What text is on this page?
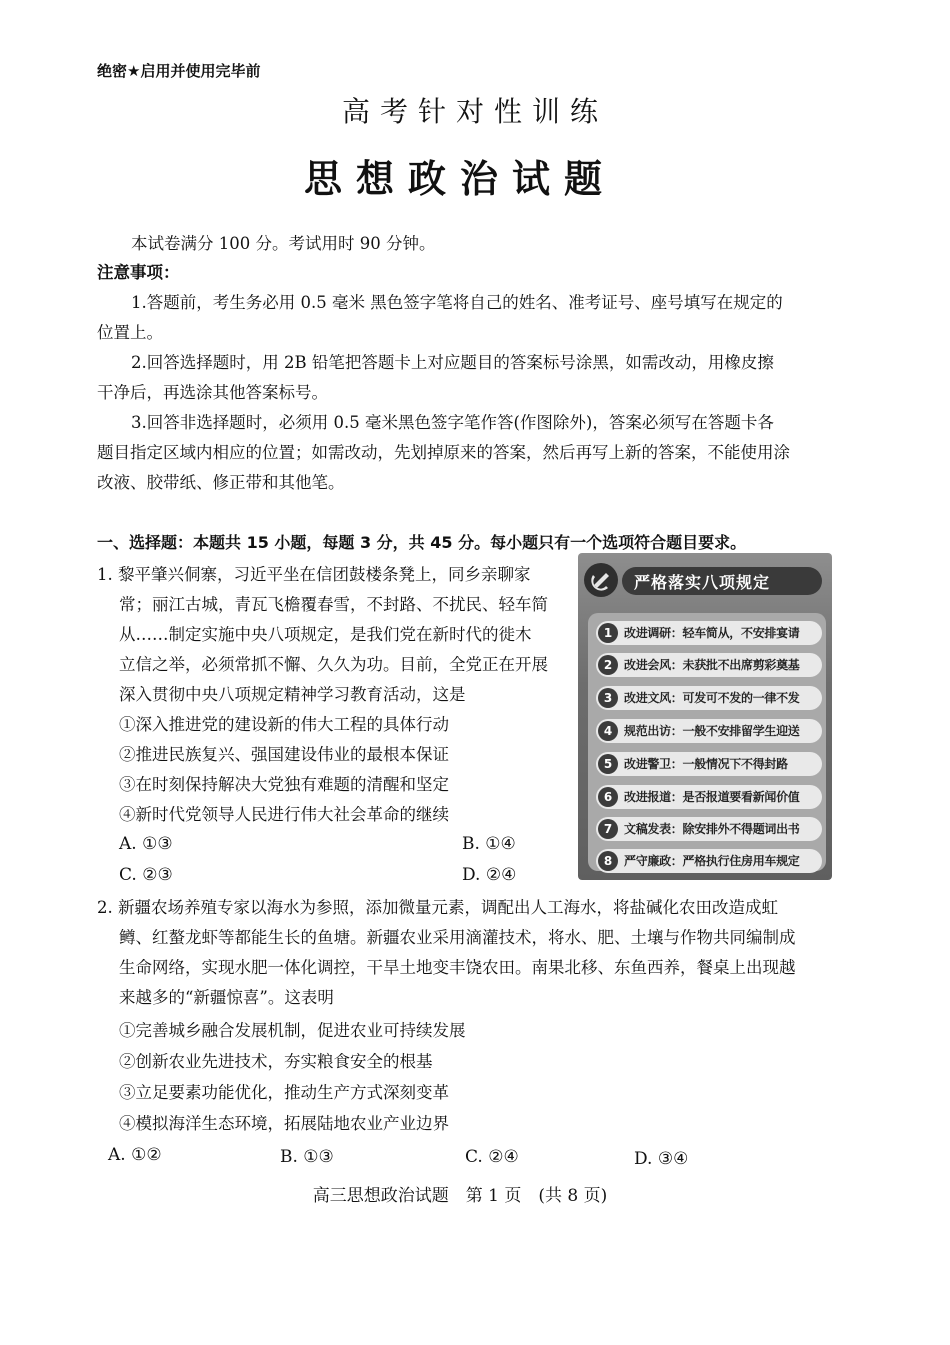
绝密★启用并使用完毕前
高考针对性训练
思想政治试题
本试卷满分 100 分。考试用时 90 分钟。
注意事项：
1.答题前，考生务必用 0.5 毫米 黑色签字笔将自己的姓名、准考证号、座号填写在规定的
位置上。
2.回答选择题时，用 2B 铅笔把答题卡上对应题目的答案标号涂黑，如需改动，用橡皮擦
干净后，再选涂其他答案标号。
3.回答非选择题时，必须用 0.5 毫米黑色签字笔作答(作图除外)，答案必须写在答题卡各
题目指定区域内相应的位置；如需改动，先划掉原来的答案，然后再写上新的答案，不能使用涂
改液、胶带纸、修正带和其他笔。
一、选择题：本题共 15 小题，每题 3 分，共 45 分。每小题只有一个选项符合题目要求。
1. 黎平肇兴侗寨，习近平坐在信团鼓楼条凳上，同乡亲聊家
常；丽江古城，青瓦飞檐覆春雪，不封路、不扰民、轻车简
从……制定实施中央八项规定，是我们党在新时代的徙木
立信之举，必须常抓不懈、久久为功。目前，全党正在开展
深入贯彻中央八项规定精神学习教育活动，这是
①深入推进党的建设新的伟大工程的具体行动
②推进民族复兴、强国建设伟业的最根本保证
③在时刻保持解决大党独有难题的清醒和坚定
④新时代党领导人民进行伟大社会革命的继续
A. ①③	B. ①④
C. ②③	D. ②④
严格落实八项规定
1 改进调研：轻车简从，不安排宴请
2 改进会风：未获批不出席剪彩奠基
3 改进文风：可发可不发的一律不发
4 规范出访：一般不安排留学生迎送
5 改进警卫：一般情况下不得封路
6 改进报道：是否报道要看新闻价值
7 文稿发表：除安排外不得题词出书
8 严守廉政：严格执行住房用车规定
2. 新疆农场养殖专家以海水为参照，添加微量元素，调配出人工海水，将盐碱化农田改造成虹
鳟、红螯龙虾等都能生长的鱼塘。新疆农业采用滴灌技术，将水、肥、土壤与作物共同编制成
生命网络，实现水肥一体化调控，干旱土地变丰饶农田。南果北移、东鱼西养，餐桌上出现越
来越多的“新疆惊喜”。这表明
①完善城乡融合发展机制，促进农业可持续发展
②创新农业先进技术，夯实粮食安全的根基
③立足要素功能优化，推动生产方式深刻变革
④模拟海洋生态环境，拓展陆地农业产业边界
A. ①②	B. ①③	C. ②④	D. ③④
高三思想政治试题　第 1 页　(共 8 页)
